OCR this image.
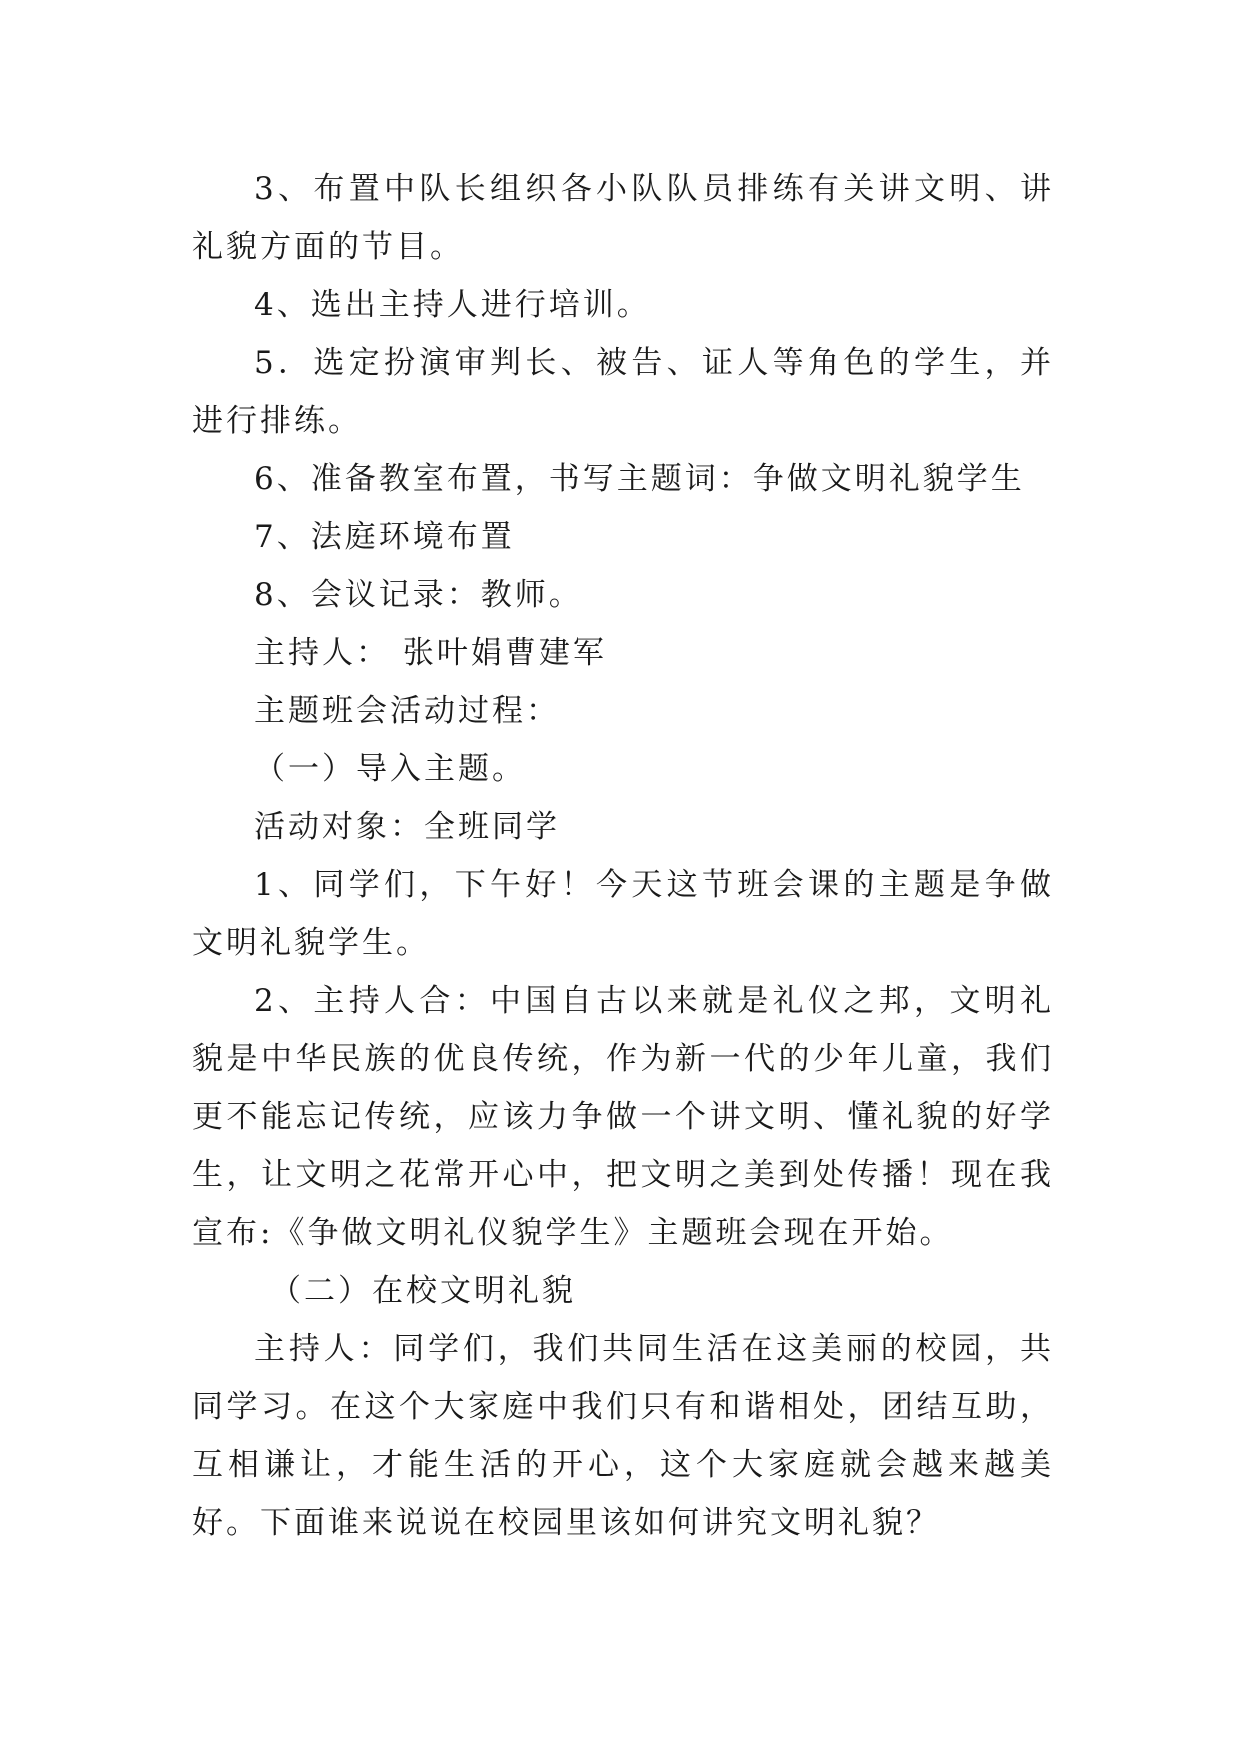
3、布置中队长组织各小队队员排练有关讲文明、讲礼貌方面的节目。

4、选出主持人进行培训。

5．选定扮演审判长、被告、证人等角色的学生，并进行排练。

6、准备教室布置，书写主题词：争做文明礼貌学生

7、法庭环境布置

8、会议记录：教师。

主持人： 张叶娟曹建军

主题班会活动过程：

（一）导入主题。

活动对象：全班同学

1、同学们，下午好！今天这节班会课的主题是争做文明礼貌学生。

2、主持人合：中国自古以来就是礼仪之邦，文明礼貌是中华民族的优良传统，作为新一代的少年儿童，我们更不能忘记传统，应该力争做一个讲文明、懂礼貌的好学生，让文明之花常开心中，把文明之美到处传播！现在我宣布:《争做文明礼仪貌学生》主题班会现在开始。

（二）在校文明礼貌

主持人：同学们，我们共同生活在这美丽的校园，共同学习。在这个大家庭中我们只有和谐相处，团结互助，互相谦让，才能生活的开心，这个大家庭就会越来越美好。下面谁来说说在校园里该如何讲究文明礼貌？
